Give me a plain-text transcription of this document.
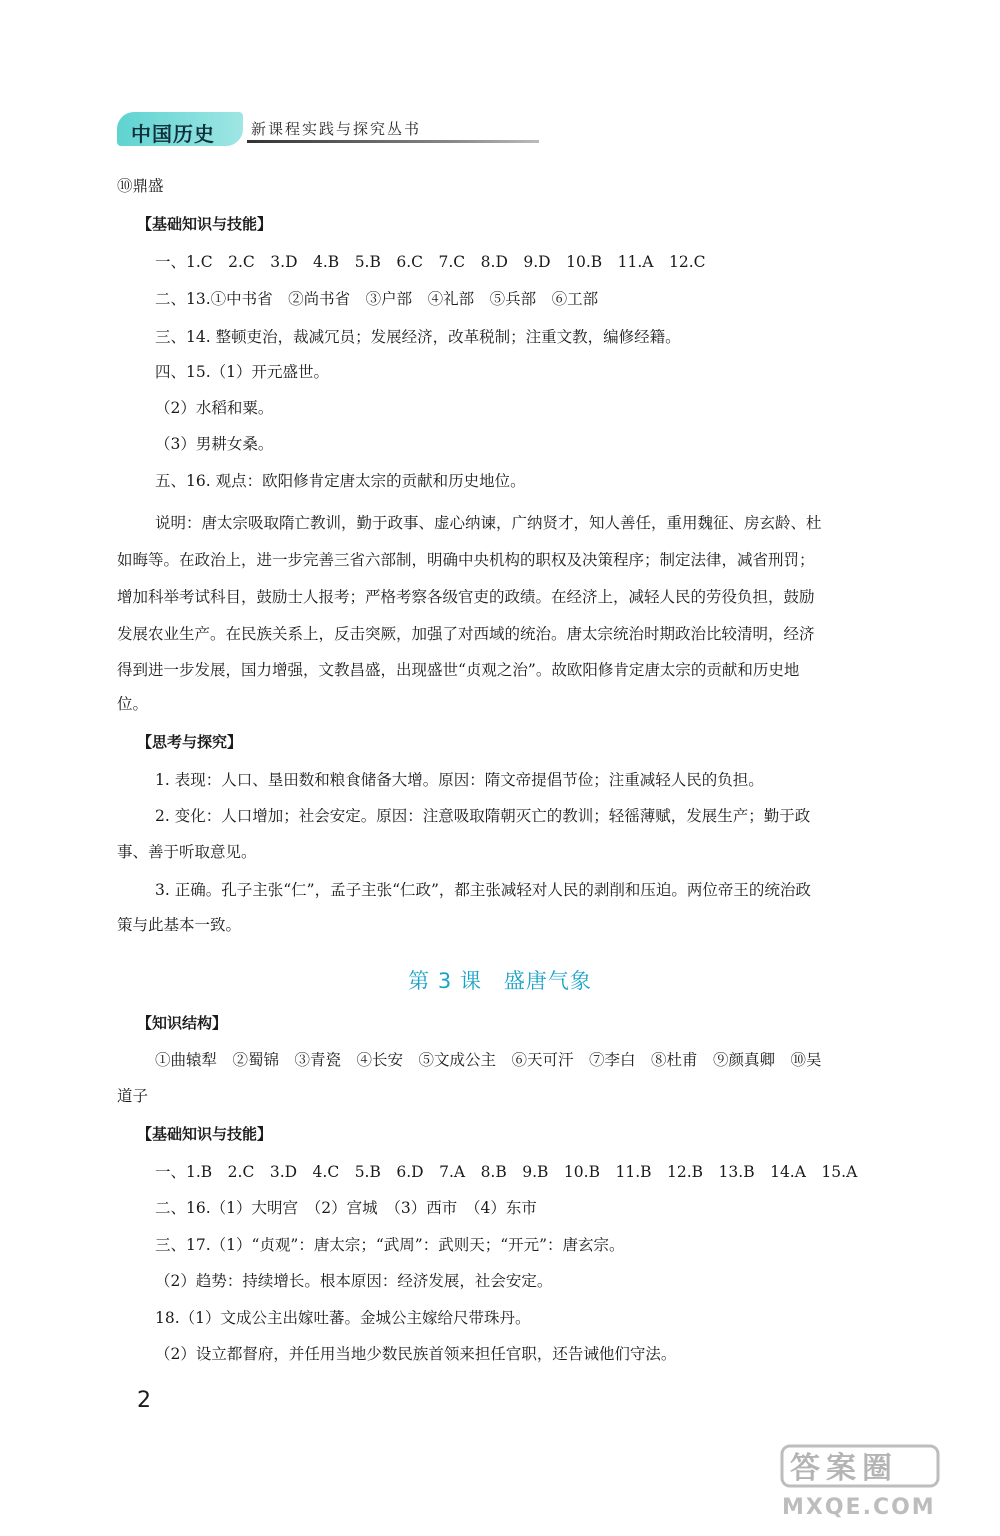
中国历史 新课程实践与探究丛书
⑩鼎盛
【基础知识与技能】
一、1.C　2.C　3.D　4.B　5.B　6.C　7.C　8.D　9.D　10.B　11.A　12.C
二、13.①中书省　②尚书省　③户部　④礼部　⑤兵部　⑥工部
三、14. 整顿吏治，裁减冗员；发展经济，改革税制；注重文教，编修经籍。
四、15.（1）开元盛世。
（2）水稻和粟。
（3）男耕女桑。
五、16. 观点：欧阳修肯定唐太宗的贡献和历史地位。
说明：唐太宗吸取隋亡教训，勤于政事、虚心纳谏，广纳贤才，知人善任，重用魏征、房玄龄、杜
如晦等。在政治上，进一步完善三省六部制，明确中央机构的职权及决策程序；制定法律，减省刑罚；
增加科举考试科目，鼓励士人报考；严格考察各级官吏的政绩。在经济上，减轻人民的劳役负担，鼓励
发展农业生产。在民族关系上，反击突厥，加强了对西域的统治。唐太宗统治时期政治比较清明，经济
得到进一步发展，国力增强，文教昌盛，出现盛世“贞观之治”。故欧阳修肯定唐太宗的贡献和历史地
位。
【思考与探究】
1. 表现：人口、垦田数和粮食储备大增。原因：隋文帝提倡节俭；注重减轻人民的负担。
2. 变化：人口增加；社会安定。原因：注意吸取隋朝灭亡的教训；轻徭薄赋，发展生产；勤于政
事、善于听取意见。
3. 正确。孔子主张“仁”，孟子主张“仁政”，都主张减轻对人民的剥削和压迫。两位帝王的统治政
策与此基本一致。
第 3 课　盛唐气象
【知识结构】
①曲辕犁　②蜀锦　③青瓷　④长安　⑤文成公主　⑥天可汗　⑦李白　⑧杜甫　⑨颜真卿　⑩吴
道子
【基础知识与技能】
一、1.B　2.C　3.D　4.C　5.B　6.D　7.A　8.B　9.B　10.B　11.B　12.B　13.B　14.A　15.A
二、16.（1）大明宫　（2）宫城　（3）西市　（4）东市
三、17.（1）“贞观”：唐太宗；“武周”：武则天；“开元”：唐玄宗。
（2）趋势：持续增长。根本原因：经济发展，社会安定。
18.（1）文成公主出嫁吐蕃。金城公主嫁给尺带珠丹。
（2）设立都督府，并任用当地少数民族首领来担任官职，还告诫他们守法。
2
答案圈
MXQE.COM
